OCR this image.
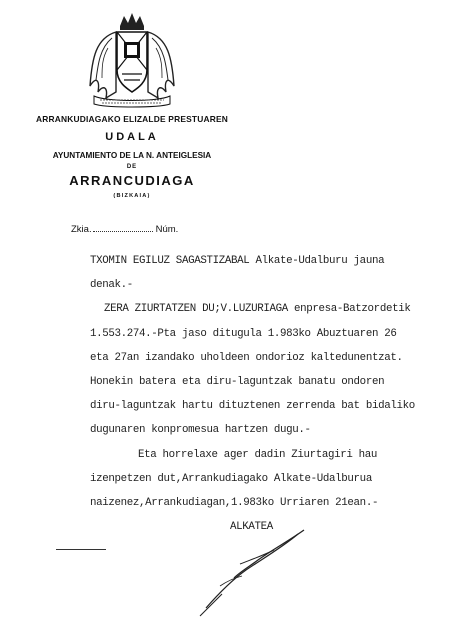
ARRANKUDIAGAKO ELIZALDE PRESTUAREN
UDALA
AYUNTAMIENTO DE LA N. ANTEIGLESIA
DE
ARRANCUDIAGA
(BIZKAIA)
Zkia.	Núm.
TXOMIN EGILUZ SAGASTIZABAL Alkate-Udalburu jauna
denak.-
ZERA ZIURTATZEN DU;V.LUZURIAGA enpresa-Batzordetik
1.553.274.-Pta jaso ditugula 1.983ko Abuztuaren 26
eta 27an izandako uholdeen ondorioz kaltedunentzat.
Honekin batera eta diru-laguntzak banatu ondoren
diru-laguntzak hartu dituztenen zerrenda bat bidaliko
dugunaren konpromesua hartzen dugu.-
Eta horrelaxe ager dadin Ziurtagiri hau
izenpetzen dut,Arrankudiagako Alkate-Udalburua
naizenez,Arrankudiagan,1.983ko Urriaren 21ean.-
ALKATEA
